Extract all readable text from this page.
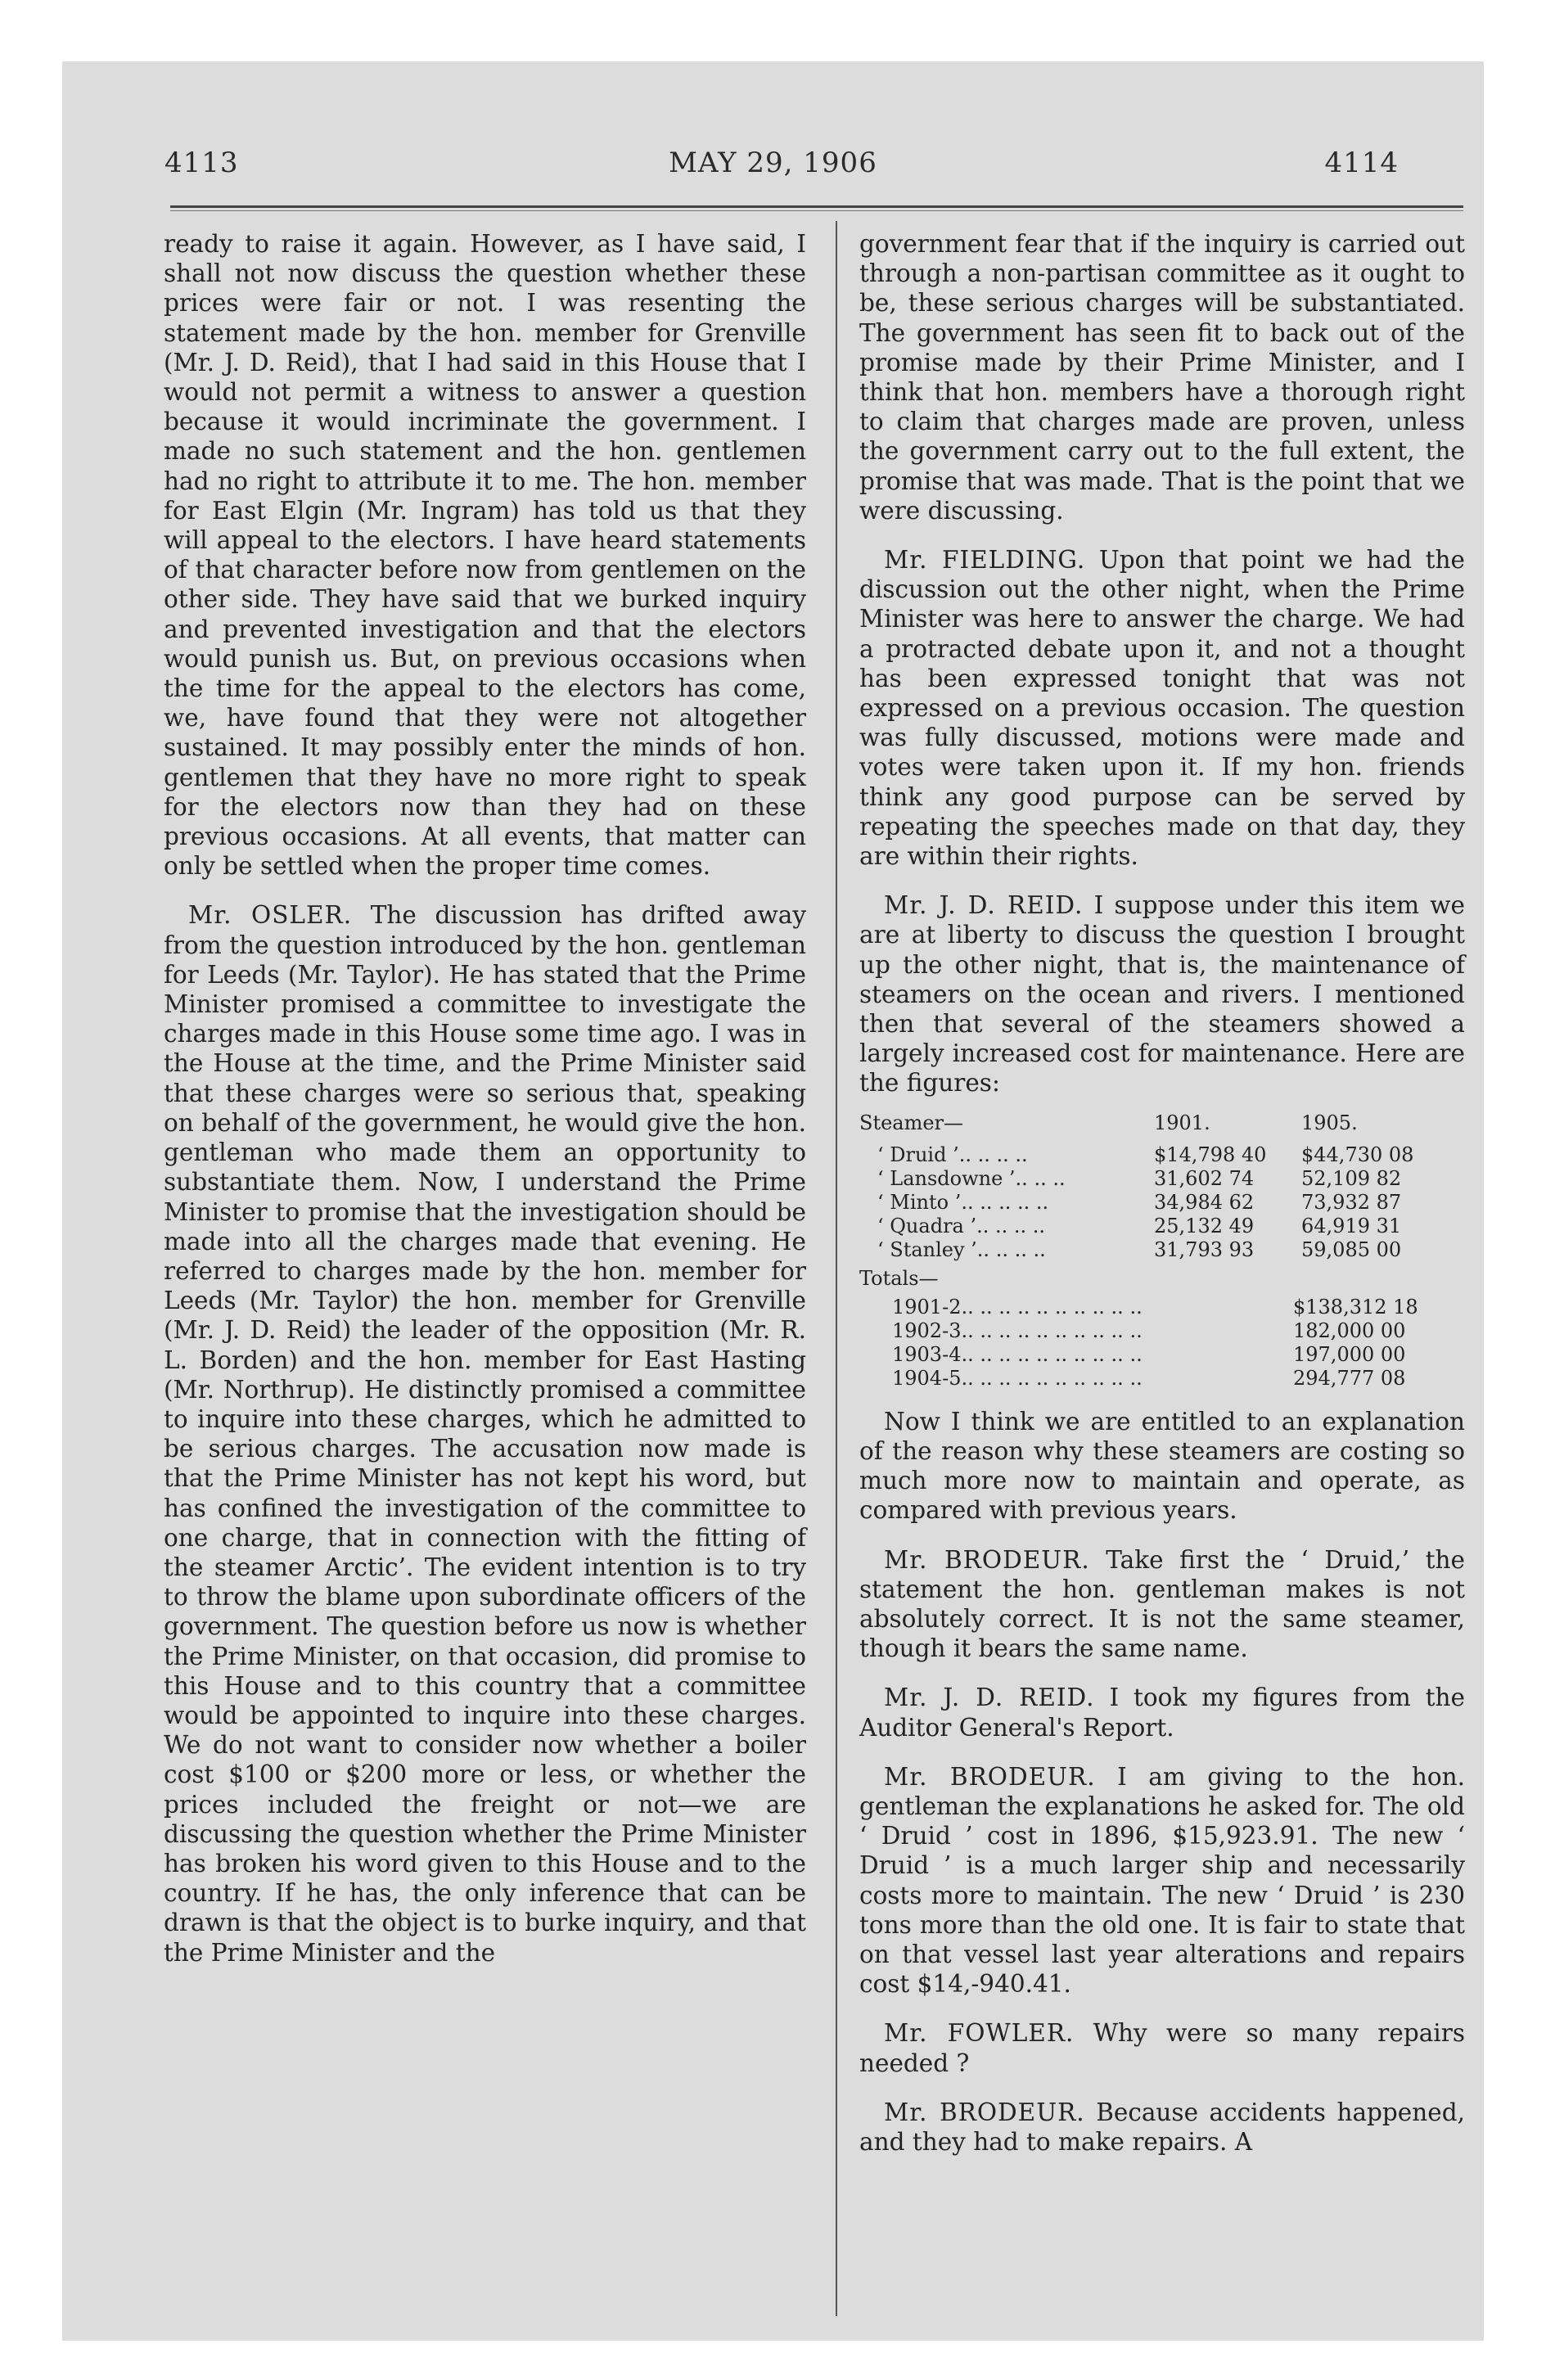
4113	MAY 29, 1906	4114

ready to raise it again. However, as I have said, I shall not now discuss the question whether these prices were fair or not. I was resenting the statement made by the hon. member for Grenville (Mr. J. D. Reid), that I had said in this House that I would not permit a witness to answer a question because it would incriminate the government. I made no such statement and the hon. gentlemen had no right to attribute it to me. The hon. member for East Elgin (Mr. Ingram) has told us that they will appeal to the electors. I have heard statements of that character before now from gentlemen on the other side. They have said that we burked inquiry and prevented investigation and that the electors would punish us. But, on previous occasions when the time for the appeal to the electors has come, we, have found that they were not altogether sustained. It may possibly enter the minds of hon. gentlemen that they have no more right to speak for the electors now than they had on these previous occasions. At all events, that matter can only be settled when the proper time comes.

Mr. OSLER. The discussion has drifted away from the question introduced by the hon. gentleman for Leeds (Mr. Taylor). He has stated that the Prime Minister promised a committee to investigate the charges made in this House some time ago. I was in the House at the time, and the Prime Minister said that these charges were so serious that, speaking on behalf of the government, he would give the hon. gentleman who made them an opportunity to substantiate them. Now, I understand the Prime Minister to promise that the investigation should be made into all the charges made that evening. He referred to charges made by the hon. member for Leeds (Mr. Taylor) the hon. member for Grenville (Mr. J. D. Reid) the leader of the opposition (Mr. R. L. Borden) and the hon. member for East Hasting (Mr. Northrup). He distinctly promised a committee to inquire into these charges, which he admitted to be serious charges. The accusation now made is that the Prime Minister has not kept his word, but has confined the investigation of the committee to one charge, that in connection with the fitting of the steamer Arctic’. The evident intention is to try to throw the blame upon subordinate officers of the government. The question before us now is whether the Prime Minister, on that occasion, did promise to this House and to this country that a committee would be appointed to inquire into these charges. We do not want to consider now whether a boiler cost $100 or $200 more or less, or whether the prices included the freight or not—we are discussing the question whether the Prime Minister has broken his word given to this House and to the country. If he has, the only inference that can be drawn is that the object is to burke inquiry, and that the Prime Minister and the

government fear that if the inquiry is carried out through a non-partisan committee as it ought to be, these serious charges will be substantiated. The government has seen fit to back out of the promise made by their Prime Minister, and I think that hon. members have a thorough right to claim that charges made are proven, unless the government carry out to the full extent, the promise that was made. That is the point that we were discussing.

Mr. FIELDING. Upon that point we had the discussion out the other night, when the Prime Minister was here to answer the charge. We had a protracted debate upon it, and not a thought has been expressed tonight that was not expressed on a previous occasion. The question was fully discussed, motions were made and votes were taken upon it. If my hon. friends think any good purpose can be served by repeating the speeches made on that day, they are within their rights.

Mr. J. D. REID. I suppose under this item we are at liberty to discuss the question I brought up the other night, that is, the maintenance of steamers on the ocean and rivers. I mentioned then that several of the steamers showed a largely increased cost for maintenance. Here are the figures:

Steamer—	1901.	1905.
‘ Druid ’.. .. .. ..	$14,798 40	$44,730 08
‘ Lansdowne ’.. .. ..	31,602 74	52,109 82
‘ Minto ’.. .. .. .. ..	34,984 62	73,932 87
‘ Quadra ’.. .. .. ..	25,132 49	64,919 31
‘ Stanley ’.. .. .. ..	31,793 93	59,085 00
Totals—
1901-2.. .. .. .. .. .. .. .. .. ..	$138,312 18
1902-3.. .. .. .. .. .. .. .. .. ..	182,000 00
1903-4.. .. .. .. .. .. .. .. .. ..	197,000 00
1904-5.. .. .. .. .. .. .. .. .. ..	294,777 08

Now I think we are entitled to an explanation of the reason why these steamers are costing so much more now to maintain and operate, as compared with previous years.

Mr. BRODEUR. Take first the ‘ Druid,’ the statement the hon. gentleman makes is not absolutely correct. It is not the same steamer, though it bears the same name.

Mr. J. D. REID. I took my figures from the Auditor General's Report.

Mr. BRODEUR. I am giving to the hon. gentleman the explanations he asked for. The old ‘ Druid ’ cost in 1896, $15,923.91. The new ‘ Druid ’ is a much larger ship and necessarily costs more to maintain. The new ‘ Druid ’ is 230 tons more than the old one. It is fair to state that on that vessel last year alterations and repairs cost $14,-940.41.

Mr. FOWLER. Why were so many repairs needed ?

Mr. BRODEUR. Because accidents happened, and they had to make repairs. A
